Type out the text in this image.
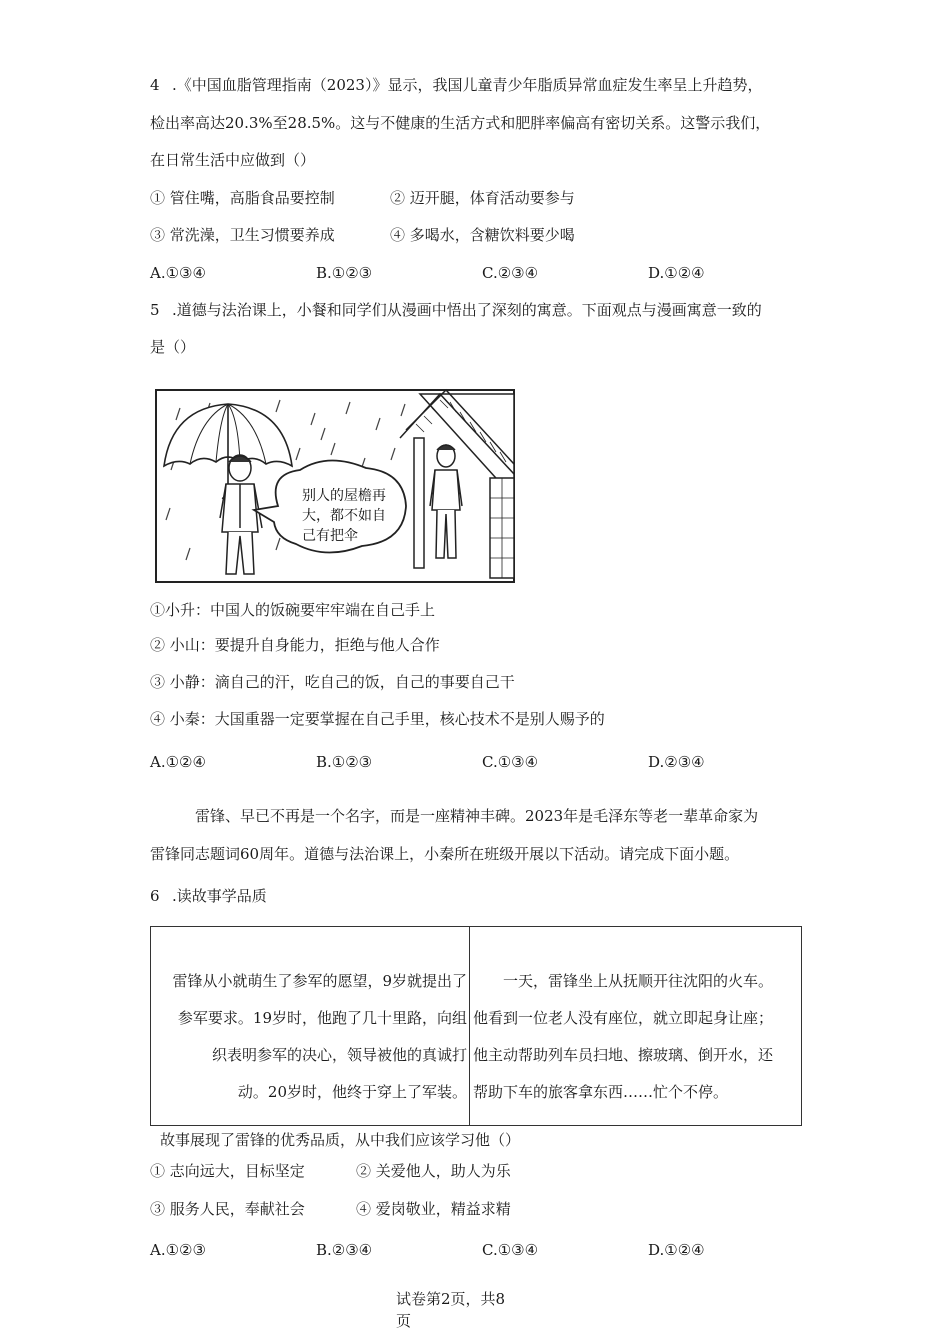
4 .《中国血脂管理指南（2023）》显示，我国儿童青少年脂质异常血症发生率呈上升趋势，
检出率高达20.3%至28.5%。这与不健康的生活方式和肥胖率偏高有密切关系。这警示我们，
在日常生活中应做到（）
① 管住嘴，高脂食品要控制	② 迈开腿，体育活动要参与
③ 常洗澡，卫生习惯要养成	④ 多喝水，含糖饮料要少喝
A.①③④	B.①②③	C.②③④	D.①②④
5 .道德与法治课上，小餐和同学们从漫画中悟出了深刻的寓意。下面观点与漫画寓意一致的
是（）
别人的屋檐再
大，都不如自
己有把伞
①小升：中国人的饭碗要牢牢端在自己手上
② 小山：要提升自身能力，拒绝与他人合作
③ 小静：滴自己的汗，吃自己的饭，自己的事要自己干
④ 小秦：大国重器一定要掌握在自己手里，核心技术不是别人赐予的
A.①②④	B.①②③	C.①③④	D.②③④
雷锋、早已不再是一个名字，而是一座精神丰碑。2023年是毛泽东等老一辈革命家为
雷锋同志题词60周年。道德与法治课上，小秦所在班级开展以下活动。请完成下面小题。
6 .读故事学品质
雷锋从小就萌生了参军的愿望，9岁就提出了
参军要求。19岁时，他跑了几十里路，向组
织表明参军的决心，领导被他的真诚打
动。20岁时，他终于穿上了军装。
　　一天，雷锋坐上从抚顺开往沈阳的火车。
他看到一位老人没有座位，就立即起身让座；
他主动帮助列车员扫地、擦玻璃、倒开水，还
帮助下车的旅客拿东西……忙个不停。
故事展现了雷锋的优秀品质，从中我们应该学习他（）
① 志向远大，目标坚定	② 关爱他人，助人为乐
③ 服务人民，奉献社会	④ 爱岗敬业，精益求精
A.①②③	B.②③④	C.①③④	D.①②④
试卷第2页，共8
页
